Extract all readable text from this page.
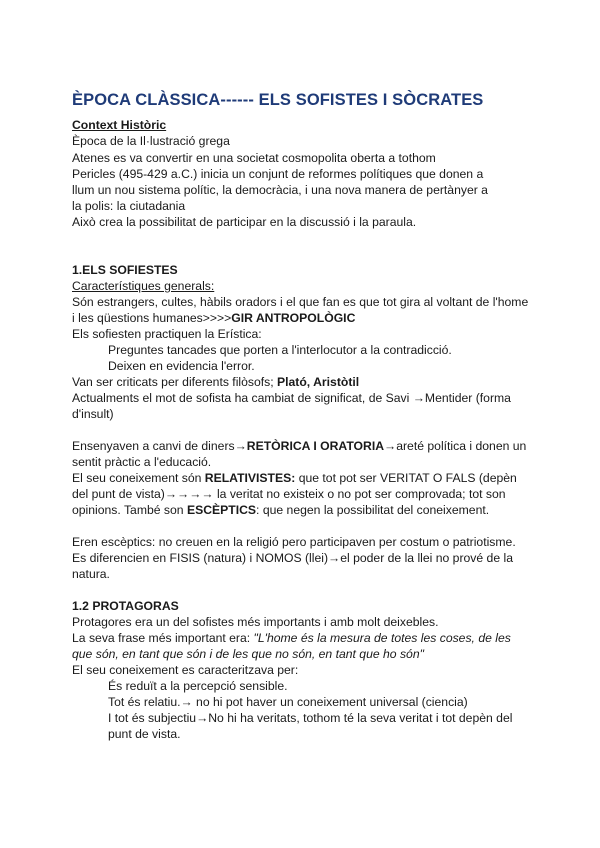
ÈPOCA CLÀSSICA------ ELS SOFISTES I SÒCRATES
Context Històric
Època de la Il·lustració grega
Atenes es va convertir en una societat cosmopolita oberta a tothom
Pericles (495-429 a.C.) inicia un conjunt de reformes polítiques que donen a
llum un nou sistema polític, la democràcia, i una nova manera de pertànyer a
la polis: la ciutadania
Això crea la possibilitat de participar en la discussió i la paraula.
1.ELS SOFIESTES
Característiques generals:
Són estrangers, cultes, hàbils oradors i el que fan es que tot gira al voltant de l'home
i les qüestions humanes>>>>GIR ANTROPOLÒGIC
Els sofiesten practiquen la Erística:
Preguntes tancades que porten a l'interlocutor a la contradicció.
Deixen en evidencia l'error.
Van ser criticats per diferents filòsofs; Plató, Aristòtil
Actualments el mot de sofista ha cambiat de significat, de Savi →Mentider (forma
d'insult)
Ensenyaven a canvi de diners→RETÒRICA I ORATORIA→areté política i donen un
sentit pràctic a l'educació.
El seu coneixement són RELATIVISTES: que tot pot ser VERITAT O FALS (depèn
del punt de vista)→→→→ la veritat no existeix o no pot ser comprovada; tot son
opinions. També son ESCÈPTICS: que negen la possibilitat del coneixement.
Eren escèptics: no creuen en la religió pero participaven per costum o patriotisme.
Es diferencien en FISIS (natura) i NOMOS (llei)→el poder de la llei no prové de la
natura.
1.2 PROTAGORAS
Protagores era un del sofistes més importants i amb molt deixebles.
La seva frase més important era: "L'home és la mesura de totes les coses, de les
que són, en tant que són i de les que no són, en tant que ho són"
El seu coneixement es caracteritzava per:
És reduït a la percepció sensible.
Tot és relatiu.→ no hi pot haver un coneixement universal (ciencia)
I tot és subjectiu→No hi ha veritats, tothom té la seva veritat i tot depèn del
punt de vista.
